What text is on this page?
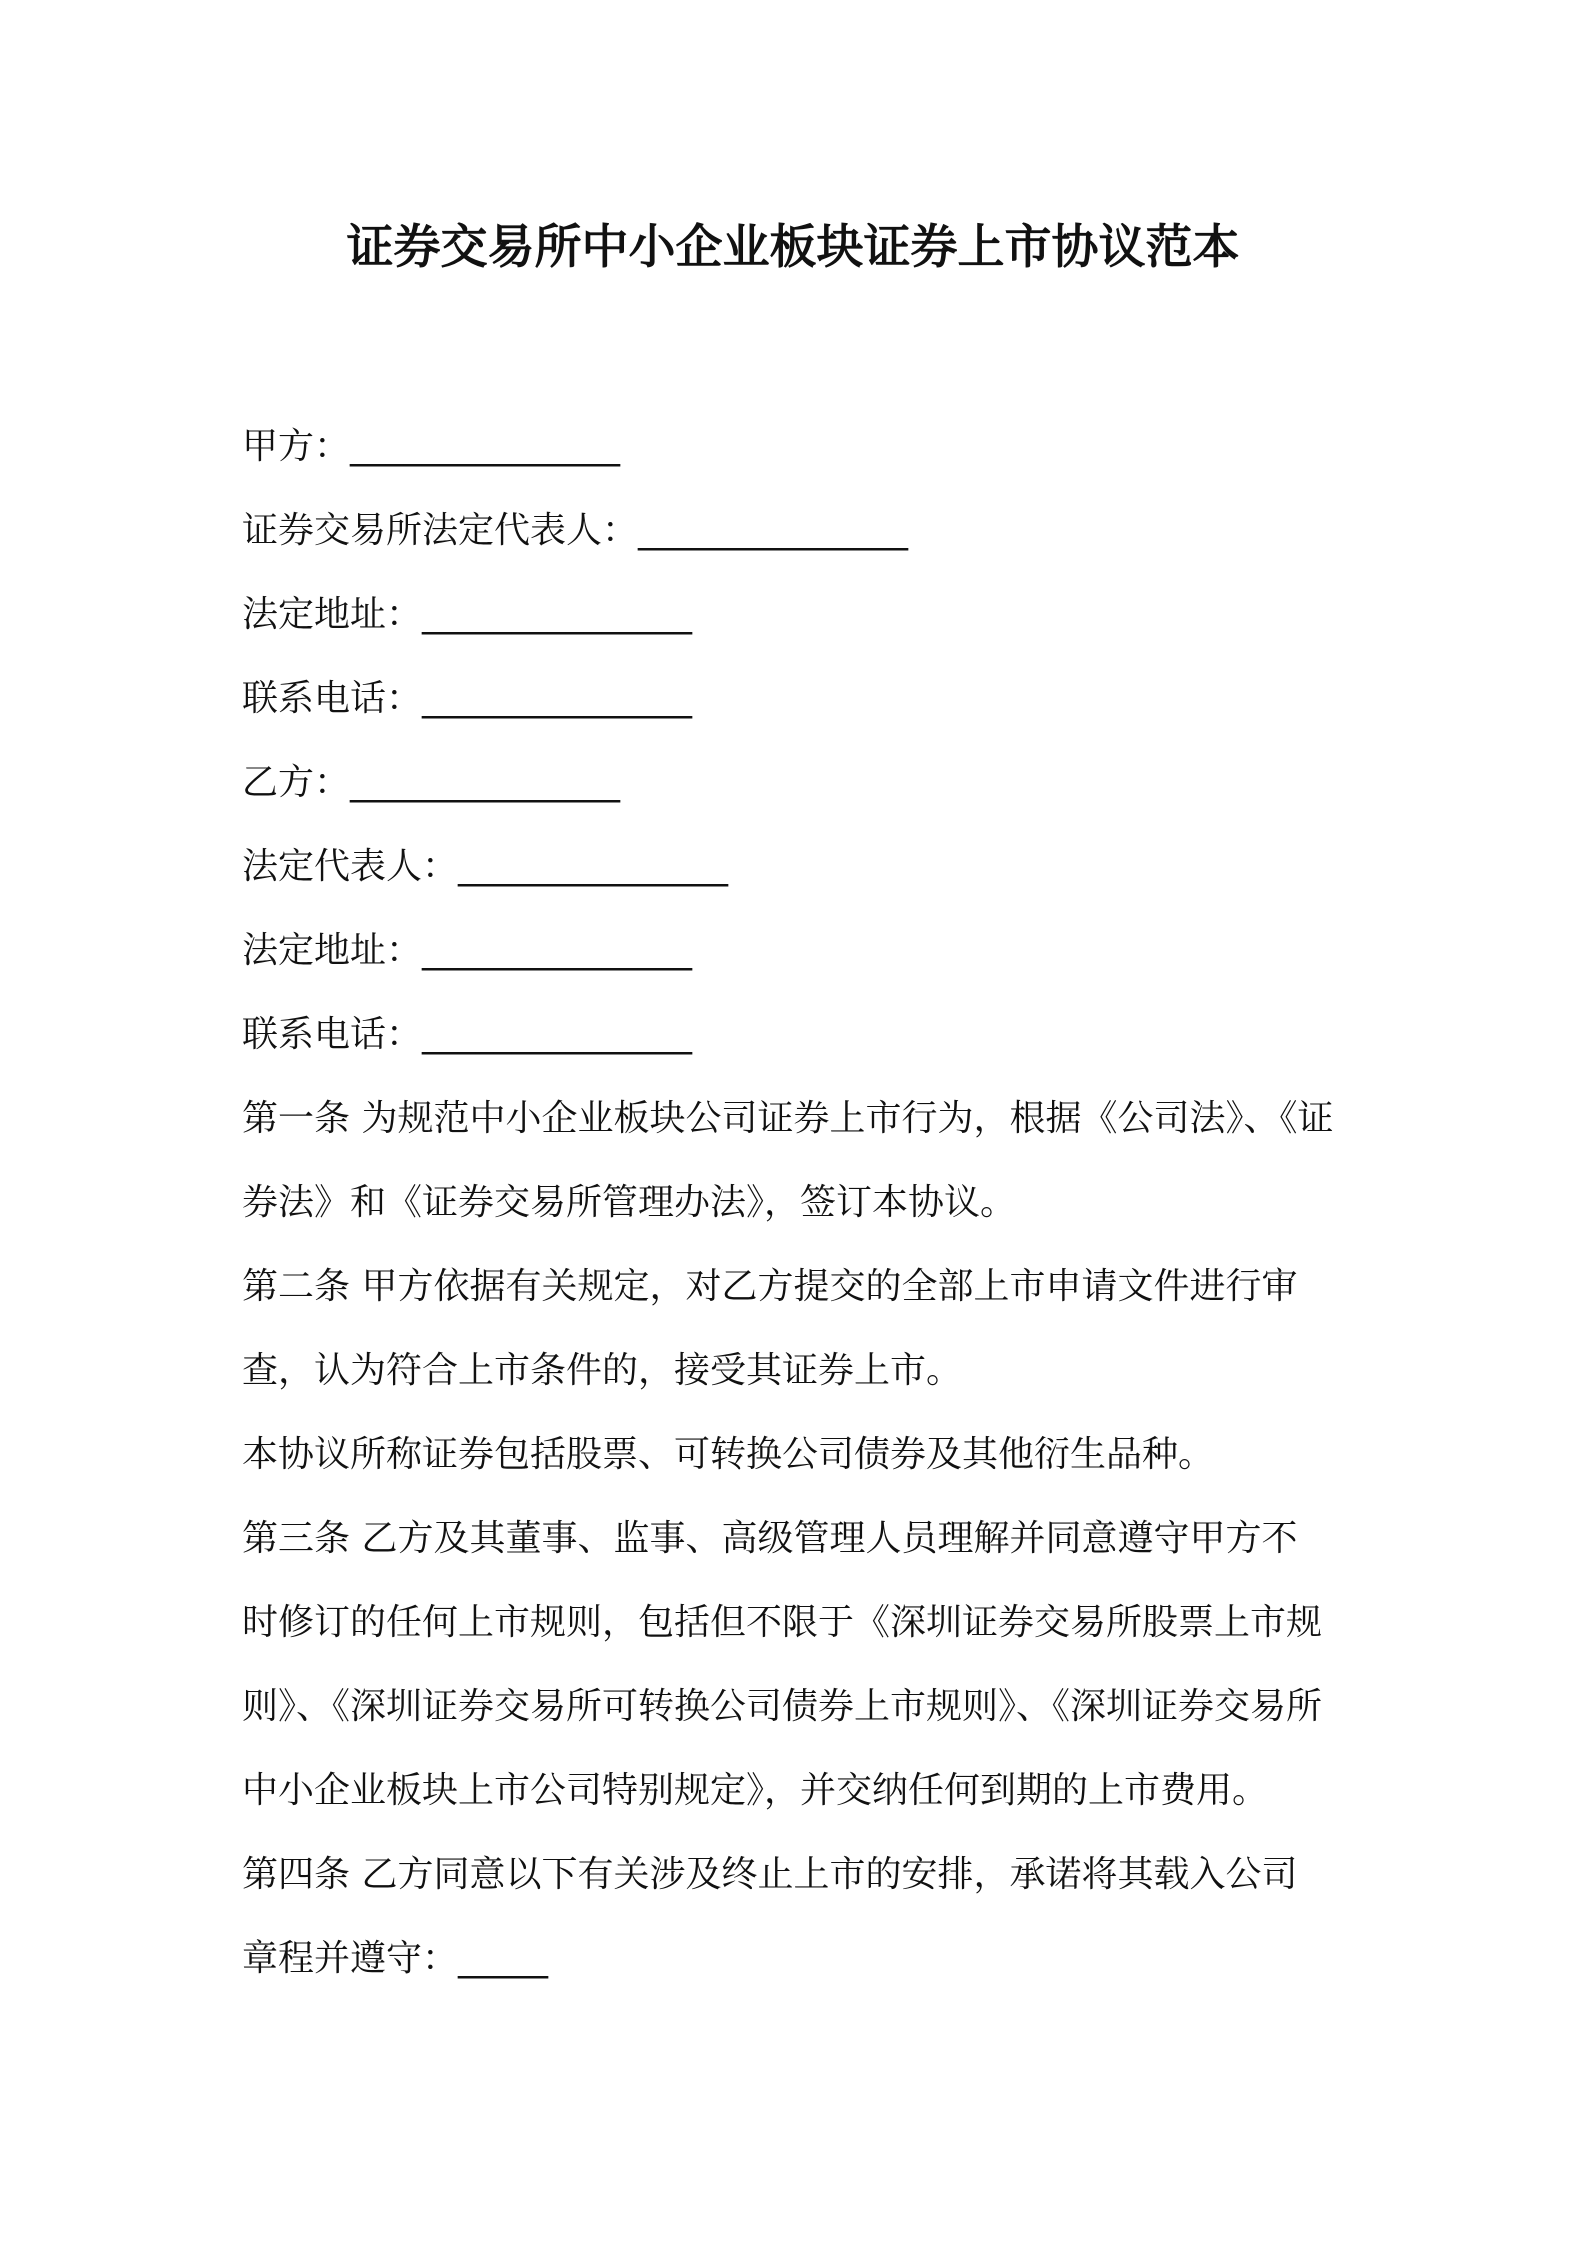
证券交易所中小企业板块证券上市协议范本
甲方：_______________
证券交易所法定代表人：_______________
法定地址：_______________
联系电话：_______________
乙方：_______________
法定代表人：_______________
法定地址：_______________
联系电话：_______________
第一条 为规范中小企业板块公司证券上市行为，根据《公司法》、《证
券法》和《证券交易所管理办法》，签订本协议。
第二条 甲方依据有关规定，对乙方提交的全部上市申请文件进行审
查，认为符合上市条件的，接受其证券上市。
本协议所称证券包括股票、可转换公司债券及其他衍生品种。
第三条 乙方及其董事、监事、高级管理人员理解并同意遵守甲方不
时修订的任何上市规则，包括但不限于《深圳证券交易所股票上市规
则》、《深圳证券交易所可转换公司债券上市规则》、《深圳证券交易所
中小企业板块上市公司特别规定》，并交纳任何到期的上市费用。
第四条 乙方同意以下有关涉及终止上市的安排，承诺将其载入公司
章程并遵守：_____
